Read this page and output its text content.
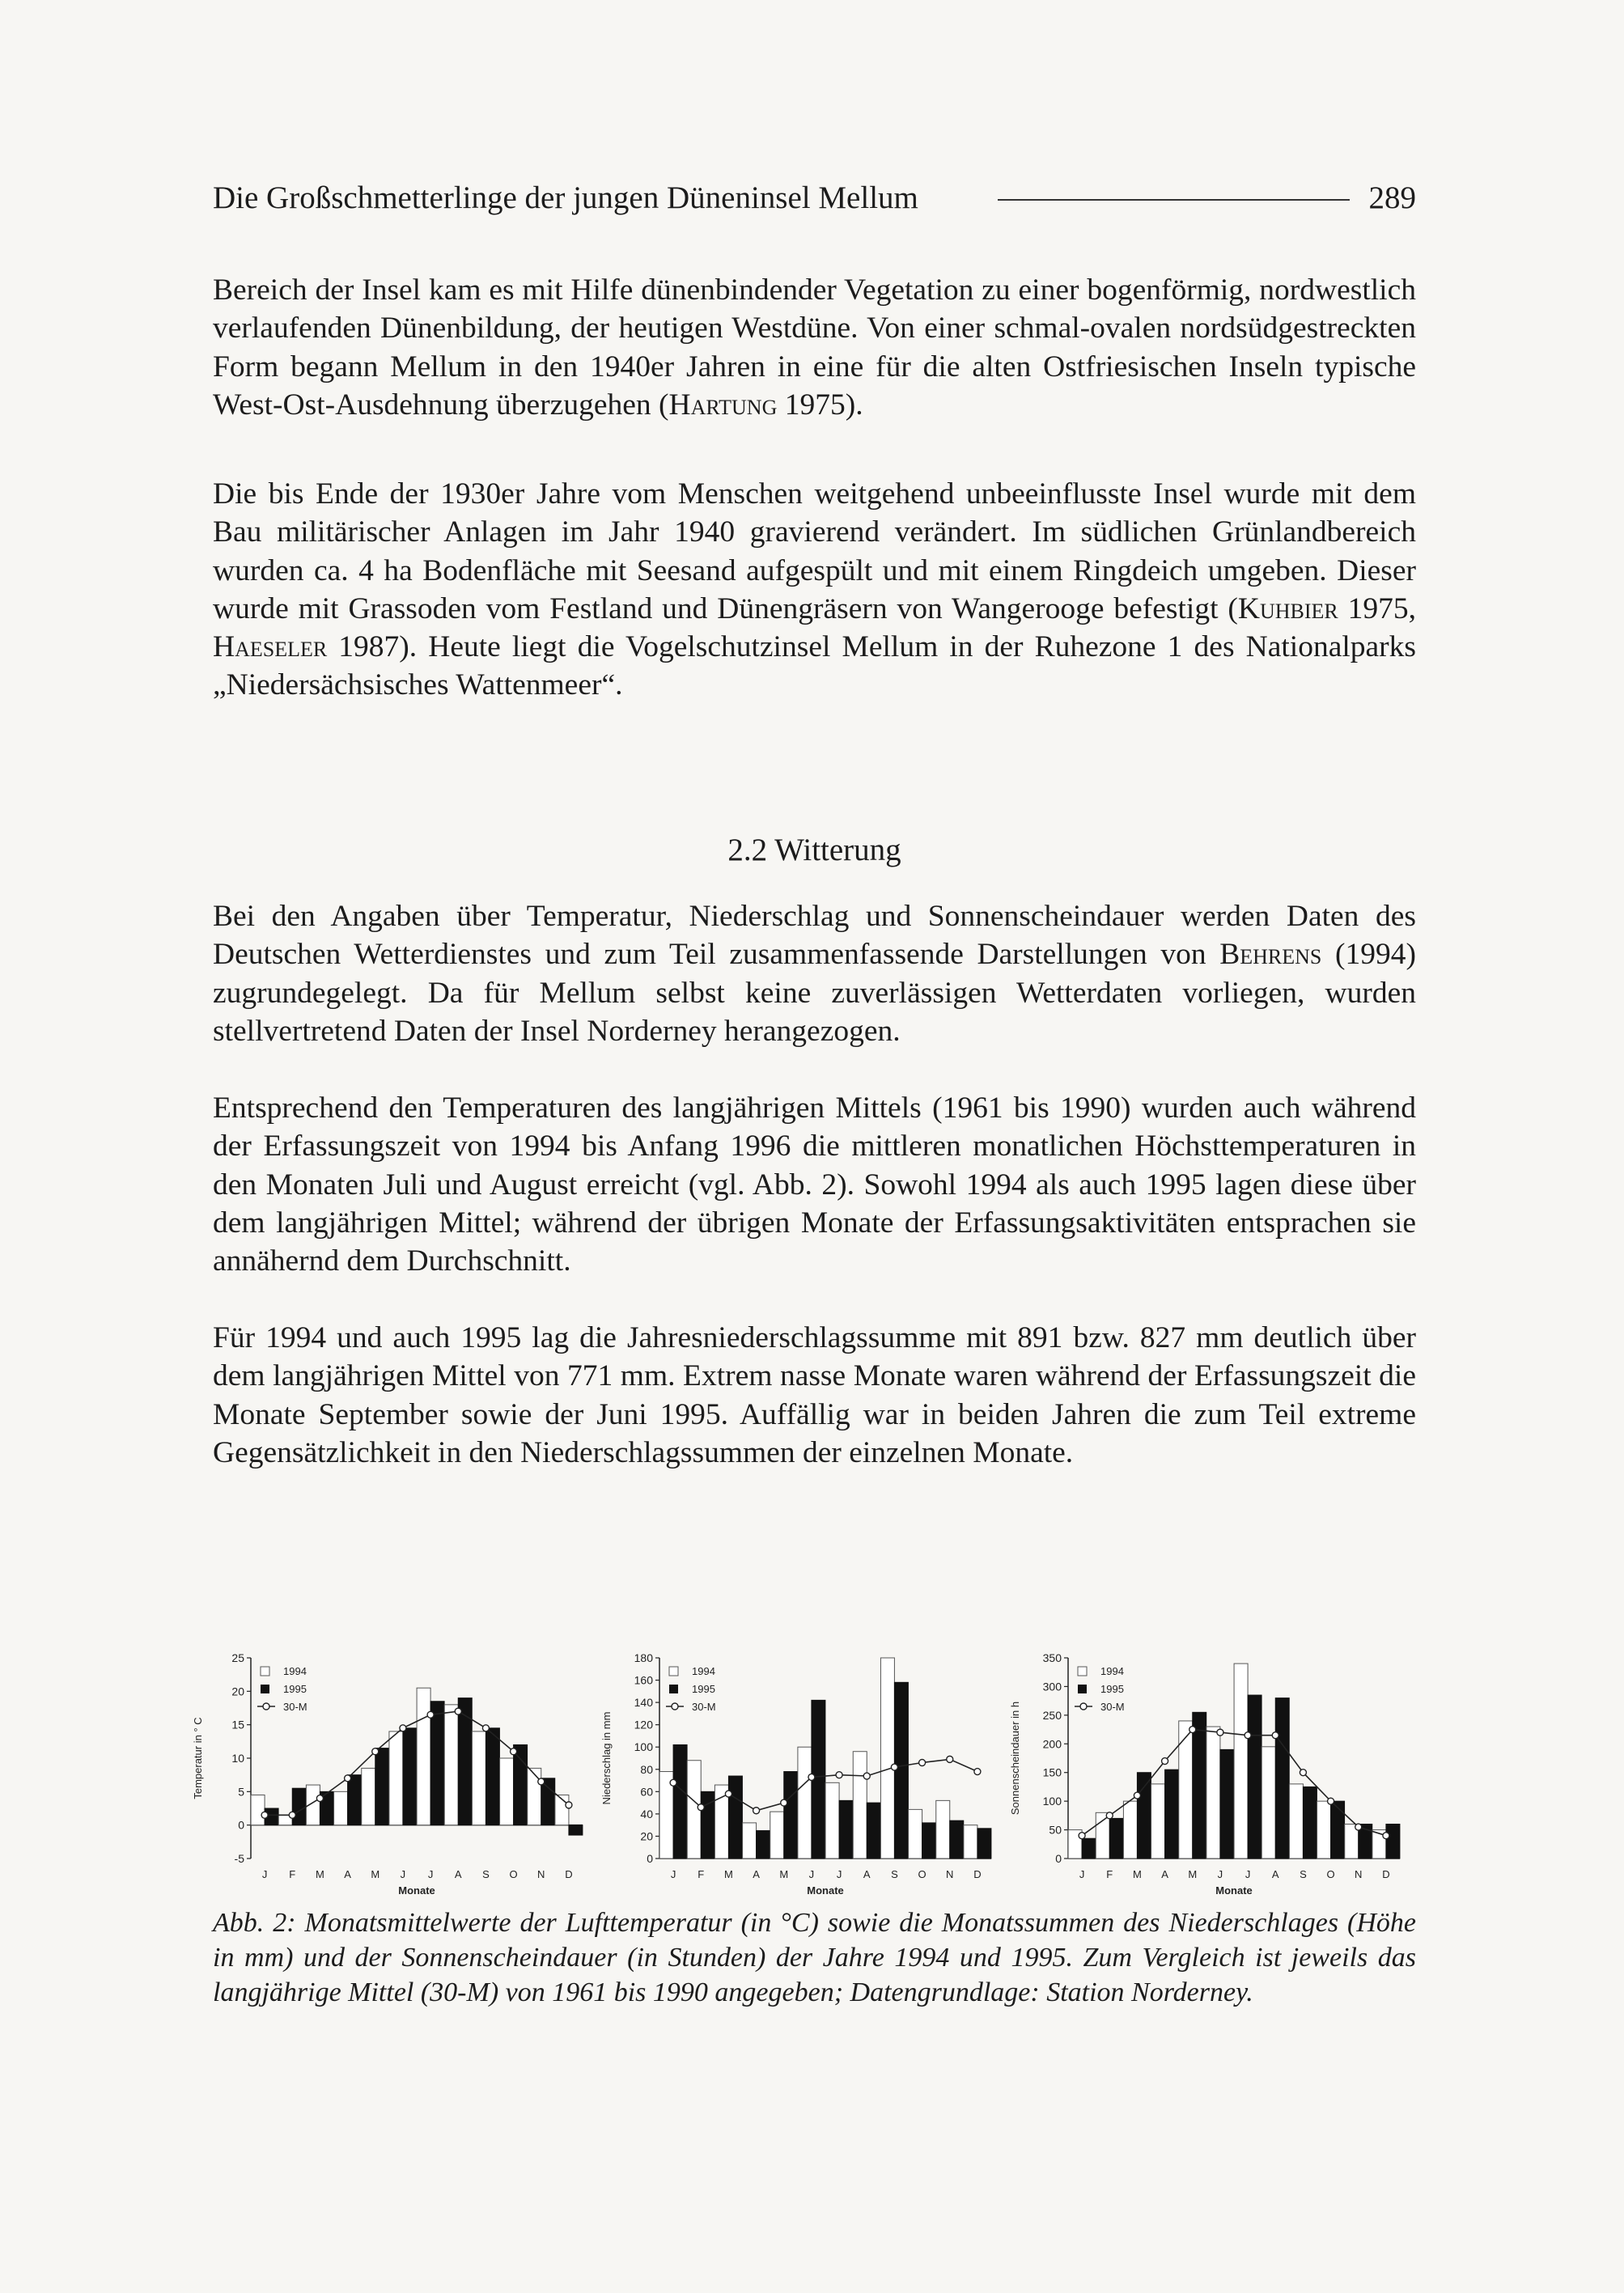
Die Großschmetterlinge der jungen Düneninsel Mellum	289

Bereich der Insel kam es mit Hilfe dünenbindender Vegetation zu einer bogenförmig, nordwestlich verlaufenden Dünenbildung, der heutigen Westdüne. Von einer schmal-ovalen nordsüdgestreckten Form begann Mellum in den 1940er Jahren in eine für die alten Ostfriesischen Inseln typische West-Ost-Ausdehnung überzugehen (Hartung 1975).

Die bis Ende der 1930er Jahre vom Menschen weitgehend unbeeinflusste Insel wurde mit dem Bau militärischer Anlagen im Jahr 1940 gravierend verändert. Im südlichen Grünlandbereich wurden ca. 4 ha Bodenfläche mit Seesand aufgespült und mit einem Ringdeich umgeben. Dieser wurde mit Grassoden vom Festland und Dünengräsern von Wangerooge befestigt (Kuhbier 1975, Haeseler 1987). Heute liegt die Vogelschutzinsel Mellum in der Ruhezone 1 des Nationalparks „Niedersächsisches Wattenmeer“.

2.2 Witterung

Bei den Angaben über Temperatur, Niederschlag und Sonnenscheindauer werden Daten des Deutschen Wetterdienstes und zum Teil zusammenfassende Darstellungen von Behrens (1994) zugrundegelegt. Da für Mellum selbst keine zuverlässigen Wetterdaten vorliegen, wurden stellvertretend Daten der Insel Norderney herangezogen.

Entsprechend den Temperaturen des langjährigen Mittels (1961 bis 1990) wurden auch während der Erfassungszeit von 1994 bis Anfang 1996 die mittleren monatlichen Höchsttemperaturen in den Monaten Juli und August erreicht (vgl. Abb. 2). Sowohl 1994 als auch 1995 lagen diese über dem langjährigen Mittel; während der übrigen Monate der Erfassungsaktivitäten entsprachen sie annähernd dem Durchschnitt.

Für 1994 und auch 1995 lag die Jahresniederschlagssumme mit 891 bzw. 827 mm deutlich über dem langjährigen Mittel von 771 mm. Extrem nasse Monate waren während der Erfassungszeit die Monate September sowie der Juni 1995. Auffällig war in beiden Jahren die zum Teil extreme Gegensätzlichkeit in den Niederschlagssummen der einzelnen Monate.

25
20
15
10
5
0
-5
Temperatur in ° C
J F M A M J J A S O N D
Monate
1994
1995
30-M
180
160
140
120
100
80
60
40
20
0
Niederschlag in mm
J F M A M J J A S O N D
Monate
1994
1995
30-M
350
300
250
200
150
100
50
0
Sonnenscheindauer in h
J F M A M J J A S O N D
Monate
1994
1995
30-M

Abb. 2: Monatsmittelwerte der Lufttemperatur (in °C) sowie die Monatssummen des Niederschlages (Höhe in mm) und der Sonnenscheindauer (in Stunden) der Jahre 1994 und 1995. Zum Vergleich ist jeweils das langjährige Mittel (30-M) von 1961 bis 1990 angegeben; Datengrundlage: Station Norderney.
